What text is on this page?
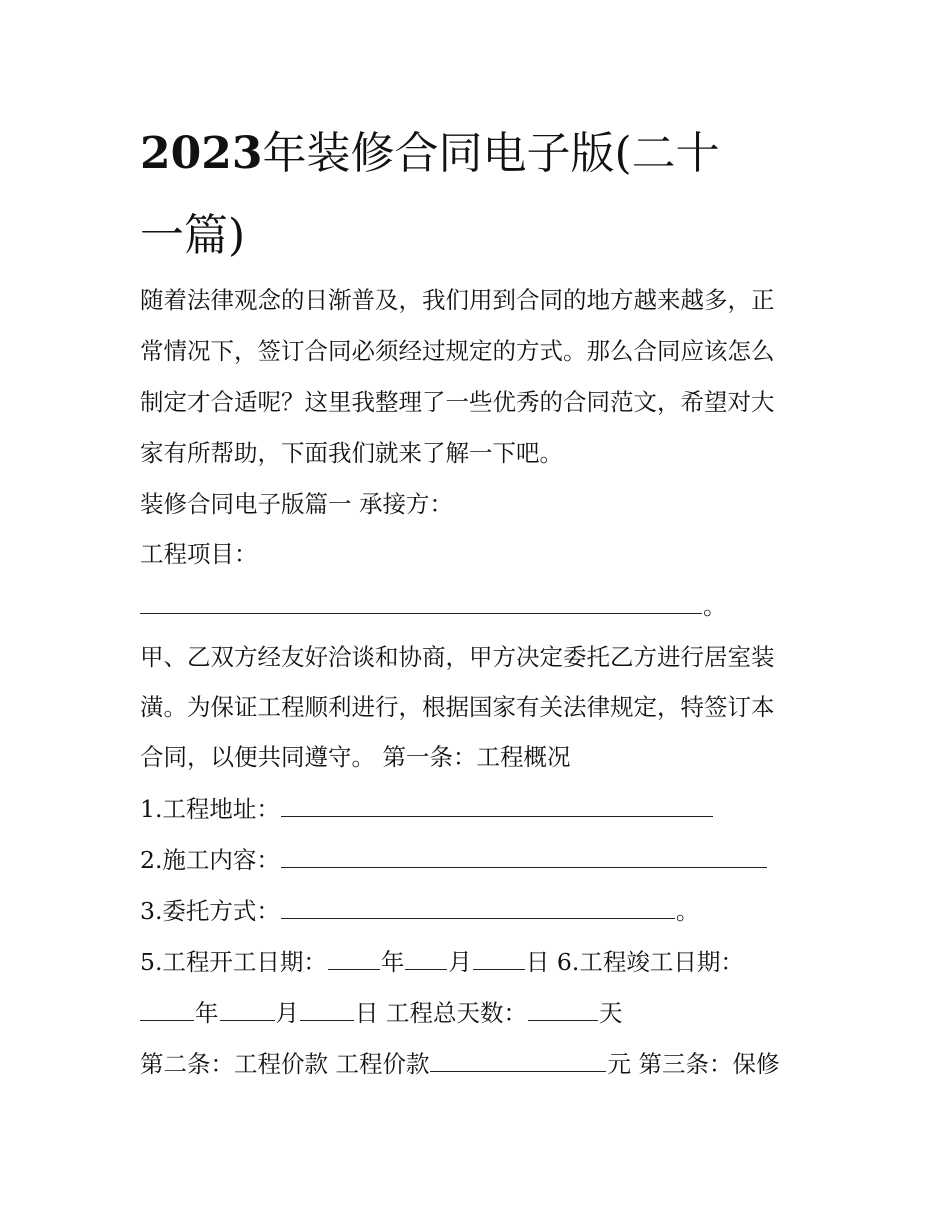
2023年装修合同电子版(二十
一篇)

随着法律观念的日渐普及，我们用到合同的地方越来越多，正

常情况下，签订合同必须经过规定的方式。那么合同应该怎么

制定才合适呢？这里我整理了一些优秀的合同范文，希望对大

家有所帮助，下面我们就来了解一下吧。

装修合同电子版篇一 承接方：

工程项目：

。

甲、乙双方经友好洽谈和协商，甲方决定委托乙方进行居室装

潢。为保证工程顺利进行，根据国家有关法律规定，特签订本

合同，以便共同遵守。 第一条：工程概况

1.工程地址：

2.施工内容：

3.委托方式：	。

5.工程开工日期： 年 月 日 6.工程竣工日期：

年 月 日 工程总天数：	天

第二条：工程价款 工程价款	元 第三条：保修
